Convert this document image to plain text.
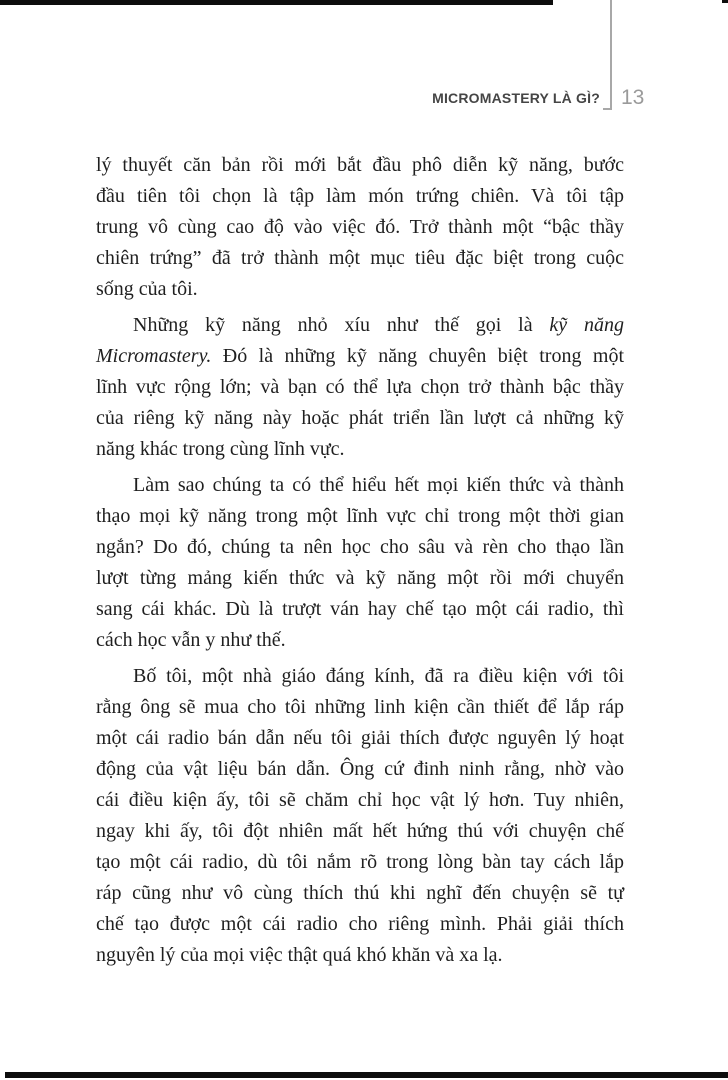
MICROMASTERY LÀ GÌ? 13
lý thuyết căn bản rồi mới bắt đầu phô diễn kỹ năng, bước
đầu tiên tôi chọn là tập làm món trứng chiên. Và tôi tập
trung vô cùng cao độ vào việc đó. Trở thành một “bậc thầy
chiên trứng” đã trở thành một mục tiêu đặc biệt trong cuộc
sống của tôi.
Những kỹ năng nhỏ xíu như thế gọi là kỹ năng
Micromastery. Đó là những kỹ năng chuyên biệt trong một
lĩnh vực rộng lớn; và bạn có thể lựa chọn trở thành bậc thầy
của riêng kỹ năng này hoặc phát triển lần lượt cả những kỹ
năng khác trong cùng lĩnh vực.
Làm sao chúng ta có thể hiểu hết mọi kiến thức và thành
thạo mọi kỹ năng trong một lĩnh vực chỉ trong một thời gian
ngắn? Do đó, chúng ta nên học cho sâu và rèn cho thạo lần
lượt từng mảng kiến thức và kỹ năng một rồi mới chuyển
sang cái khác. Dù là trượt ván hay chế tạo một cái radio, thì
cách học vẫn y như thế.
Bố tôi, một nhà giáo đáng kính, đã ra điều kiện với tôi
rằng ông sẽ mua cho tôi những linh kiện cần thiết để lắp ráp
một cái radio bán dẫn nếu tôi giải thích được nguyên lý hoạt
động của vật liệu bán dẫn. Ông cứ đinh ninh rằng, nhờ vào
cái điều kiện ấy, tôi sẽ chăm chỉ học vật lý hơn. Tuy nhiên,
ngay khi ấy, tôi đột nhiên mất hết hứng thú với chuyện chế
tạo một cái radio, dù tôi nắm rõ trong lòng bàn tay cách lắp
ráp cũng như vô cùng thích thú khi nghĩ đến chuyện sẽ tự
chế tạo được một cái radio cho riêng mình. Phải giải thích
nguyên lý của mọi việc thật quá khó khăn và xa lạ.
